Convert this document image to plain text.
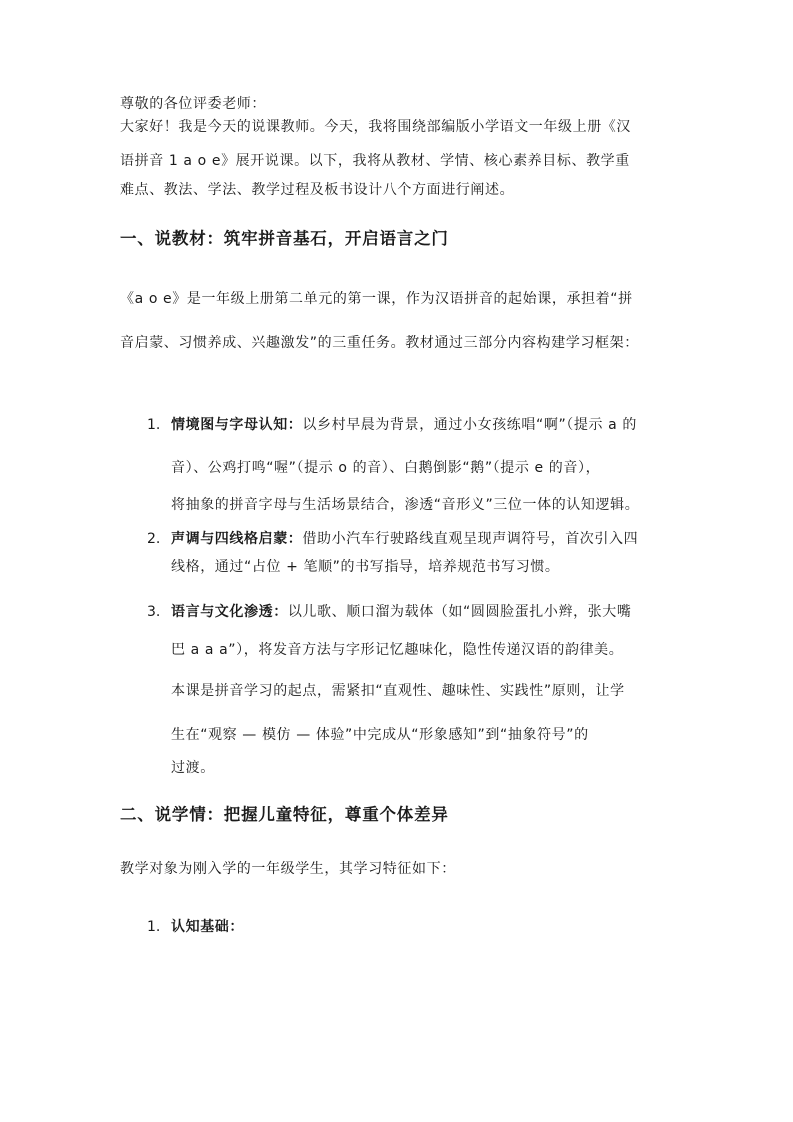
尊敬的各位评委老师：
大家好！我是今天的说课教师。今天，我将围绕部编版小学语文一年级上册《汉
语拼音 1 a o e》展开说课。以下，我将从教材、学情、核心素养目标、教学重
难点、教法、学法、教学过程及板书设计八个方面进行阐述。
一、说教材：筑牢拼音基石，开启语言之门
《a o e》是一年级上册第二单元的第一课，作为汉语拼音的起始课，承担着“拼
音启蒙、习惯养成、兴趣激发”的三重任务。教材通过三部分内容构建学习框架：
1. 情境图与字母认知：以乡村早晨为背景，通过小女孩练唱“啊”（提示 a 的
音）、公鸡打鸣“喔”（提示 o 的音）、白鹅倒影“鹅”（提示 e 的音），
将抽象的拼音字母与生活场景结合，渗透“音形义”三位一体的认知逻辑。
2. 声调与四线格启蒙：借助小汽车行驶路线直观呈现声调符号，首次引入四
线格，通过“占位 + 笔顺”的书写指导，培养规范书写习惯。
3. 语言与文化渗透：以儿歌、顺口溜为载体（如“圆圆脸蛋扎小辫，张大嘴
巴 a a a”），将发音方法与字形记忆趣味化，隐性传递汉语的韵律美。
本课是拼音学习的起点，需紧扣“直观性、趣味性、实践性”原则，让学
生在“观察 — 模仿 — 体验”中完成从“形象感知”到“抽象符号”的
过渡。
二、说学情：把握儿童特征，尊重个体差异
教学对象为刚入学的一年级学生，其学习特征如下：
1. 认知基础：
